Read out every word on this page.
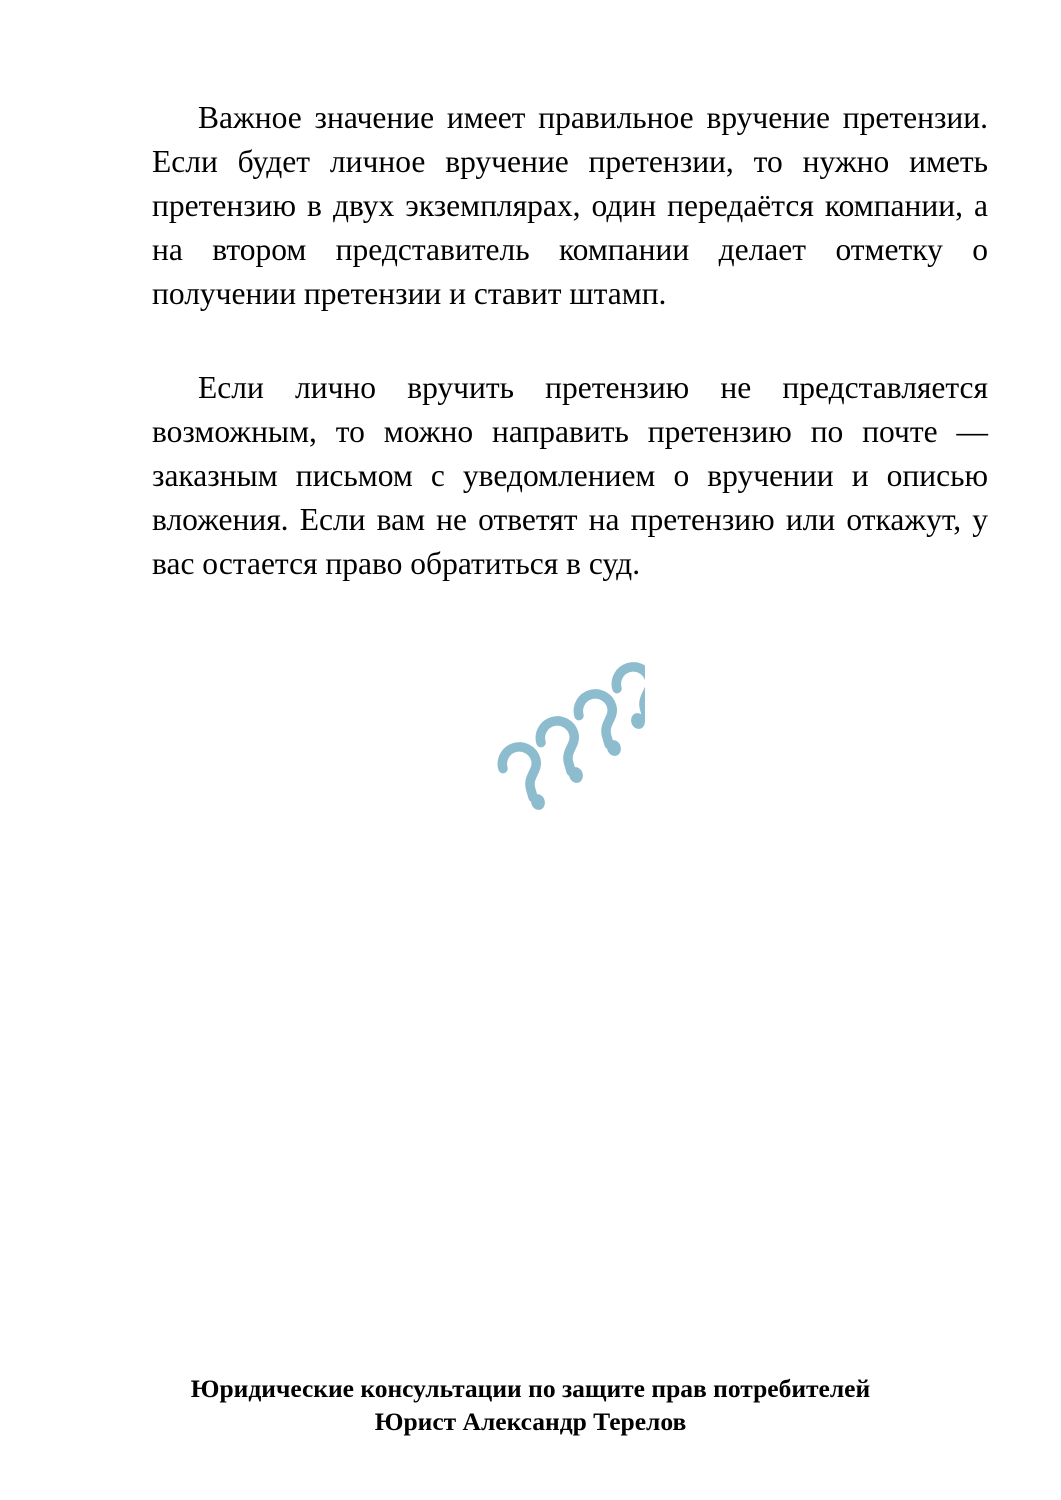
Важное значение имеет правильное вручение претензии. Если будет личное вручение претензии, то нужно иметь претензию в двух экземплярах, один передаётся компании, а на втором представитель компании делает отметку о получении претензии и ставит штамп.

Если лично вручить претензию не представляется возможным, то можно направить претензию по почте — заказным письмом с уведомлением о вручении и описью вложения. Если вам не ответят на претензию или откажут, у вас остается право обратиться в суд.

Юридические консультации по защите прав потребителей

Юрист Александр Терелов
